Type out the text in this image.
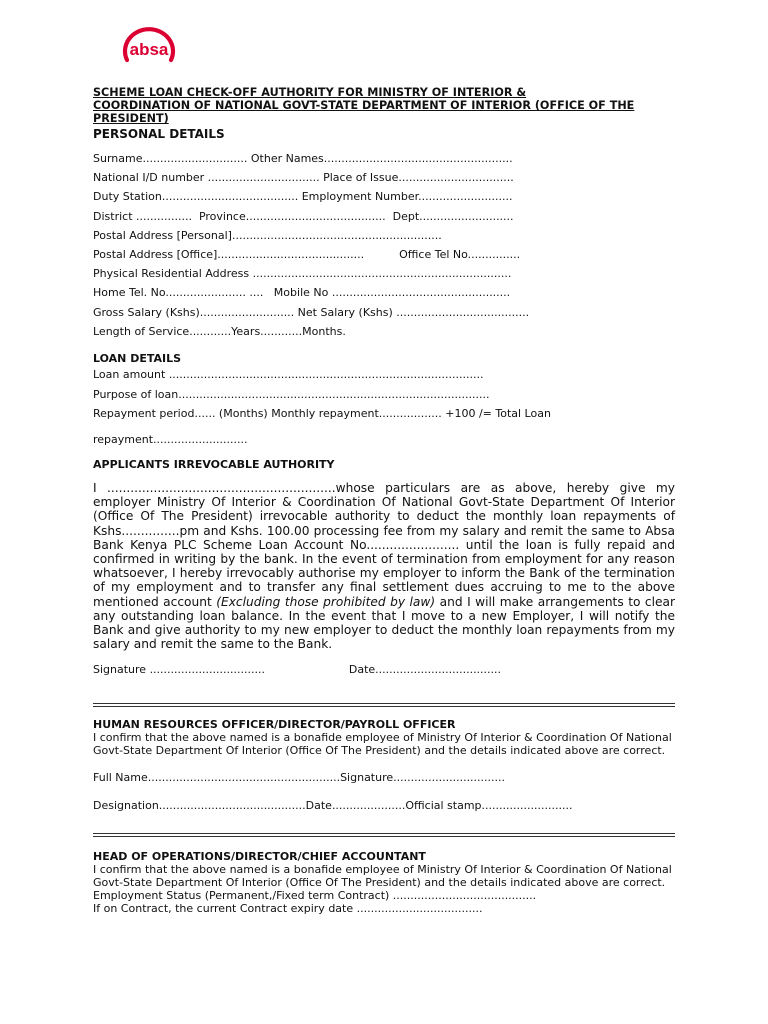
absa

SCHEME LOAN CHECK-OFF AUTHORITY FOR MINISTRY OF INTERIOR &

COORDINATION OF NATIONAL GOVT-STATE DEPARTMENT OF INTERIOR (OFFICE OF THE

PRESIDENT)

PERSONAL DETAILS

Surname.............................. Other Names......................................................

National I/D number ................................ Place of Issue.................................

Duty Station....................................... Employment Number...........................

District ................  Province........................................  Dept...........................

Postal Address [Personal]............................................................

Postal Address [Office]..........................................          Office Tel No...............

Physical Residential Address ..........................................................................

Home Tel. No....................... ....   Mobile No ...................................................

Gross Salary (Kshs)........................... Net Salary (Kshs) ......................................

Length of Service............Years............Months.

LOAN DETAILS

Loan amount ..........................................................................................

Purpose of loan.........................................................................................

Repayment period...... (Months) Monthly repayment.................. +100 /= Total Loan

repayment...........................

APPLICANTS IRREVOCABLE AUTHORITY

I ...........................................................whose particulars are as above, hereby give my employer Ministry Of Interior & Coordination Of National Govt-State Department Of Interior (Office Of The President) irrevocable authority to deduct the monthly loan repayments of Kshs...............pm and Kshs. 100.00 processing fee from my salary and remit the same to Absa Bank Kenya PLC Scheme Loan Account No........................ until the loan is fully repaid and confirmed in writing by the bank. In the event of termination from employment for any reason whatsoever, I hereby irrevocably authorise my employer to inform the Bank of the termination of my employment and to transfer any final settlement dues accruing to me to the above mentioned account (Excluding those prohibited by law) and I will make arrangements to clear any outstanding loan balance. In the event that I move to a new Employer, I will notify the Bank and give authority to my new employer to deduct the monthly loan repayments from my salary and remit the same to the Bank.

Signature .................................                        Date....................................

HUMAN RESOURCES OFFICER/DIRECTOR/PAYROLL OFFICER

I confirm that the above named is a bonafide employee of Ministry Of Interior & Coordination Of National Govt-State Department Of Interior (Office Of The President) and the details indicated above are correct.

Full Name.......................................................Signature................................

Designation..........................................Date.....................Official stamp..........................

HEAD OF OPERATIONS/DIRECTOR/CHIEF ACCOUNTANT

I confirm that the above named is a bonafide employee of Ministry Of Interior & Coordination Of National Govt-State Department Of Interior (Office Of The President) and the details indicated above are correct.

Employment Status (Permanent,/Fixed term Contract) .........................................

If on Contract, the current Contract expiry date ....................................
